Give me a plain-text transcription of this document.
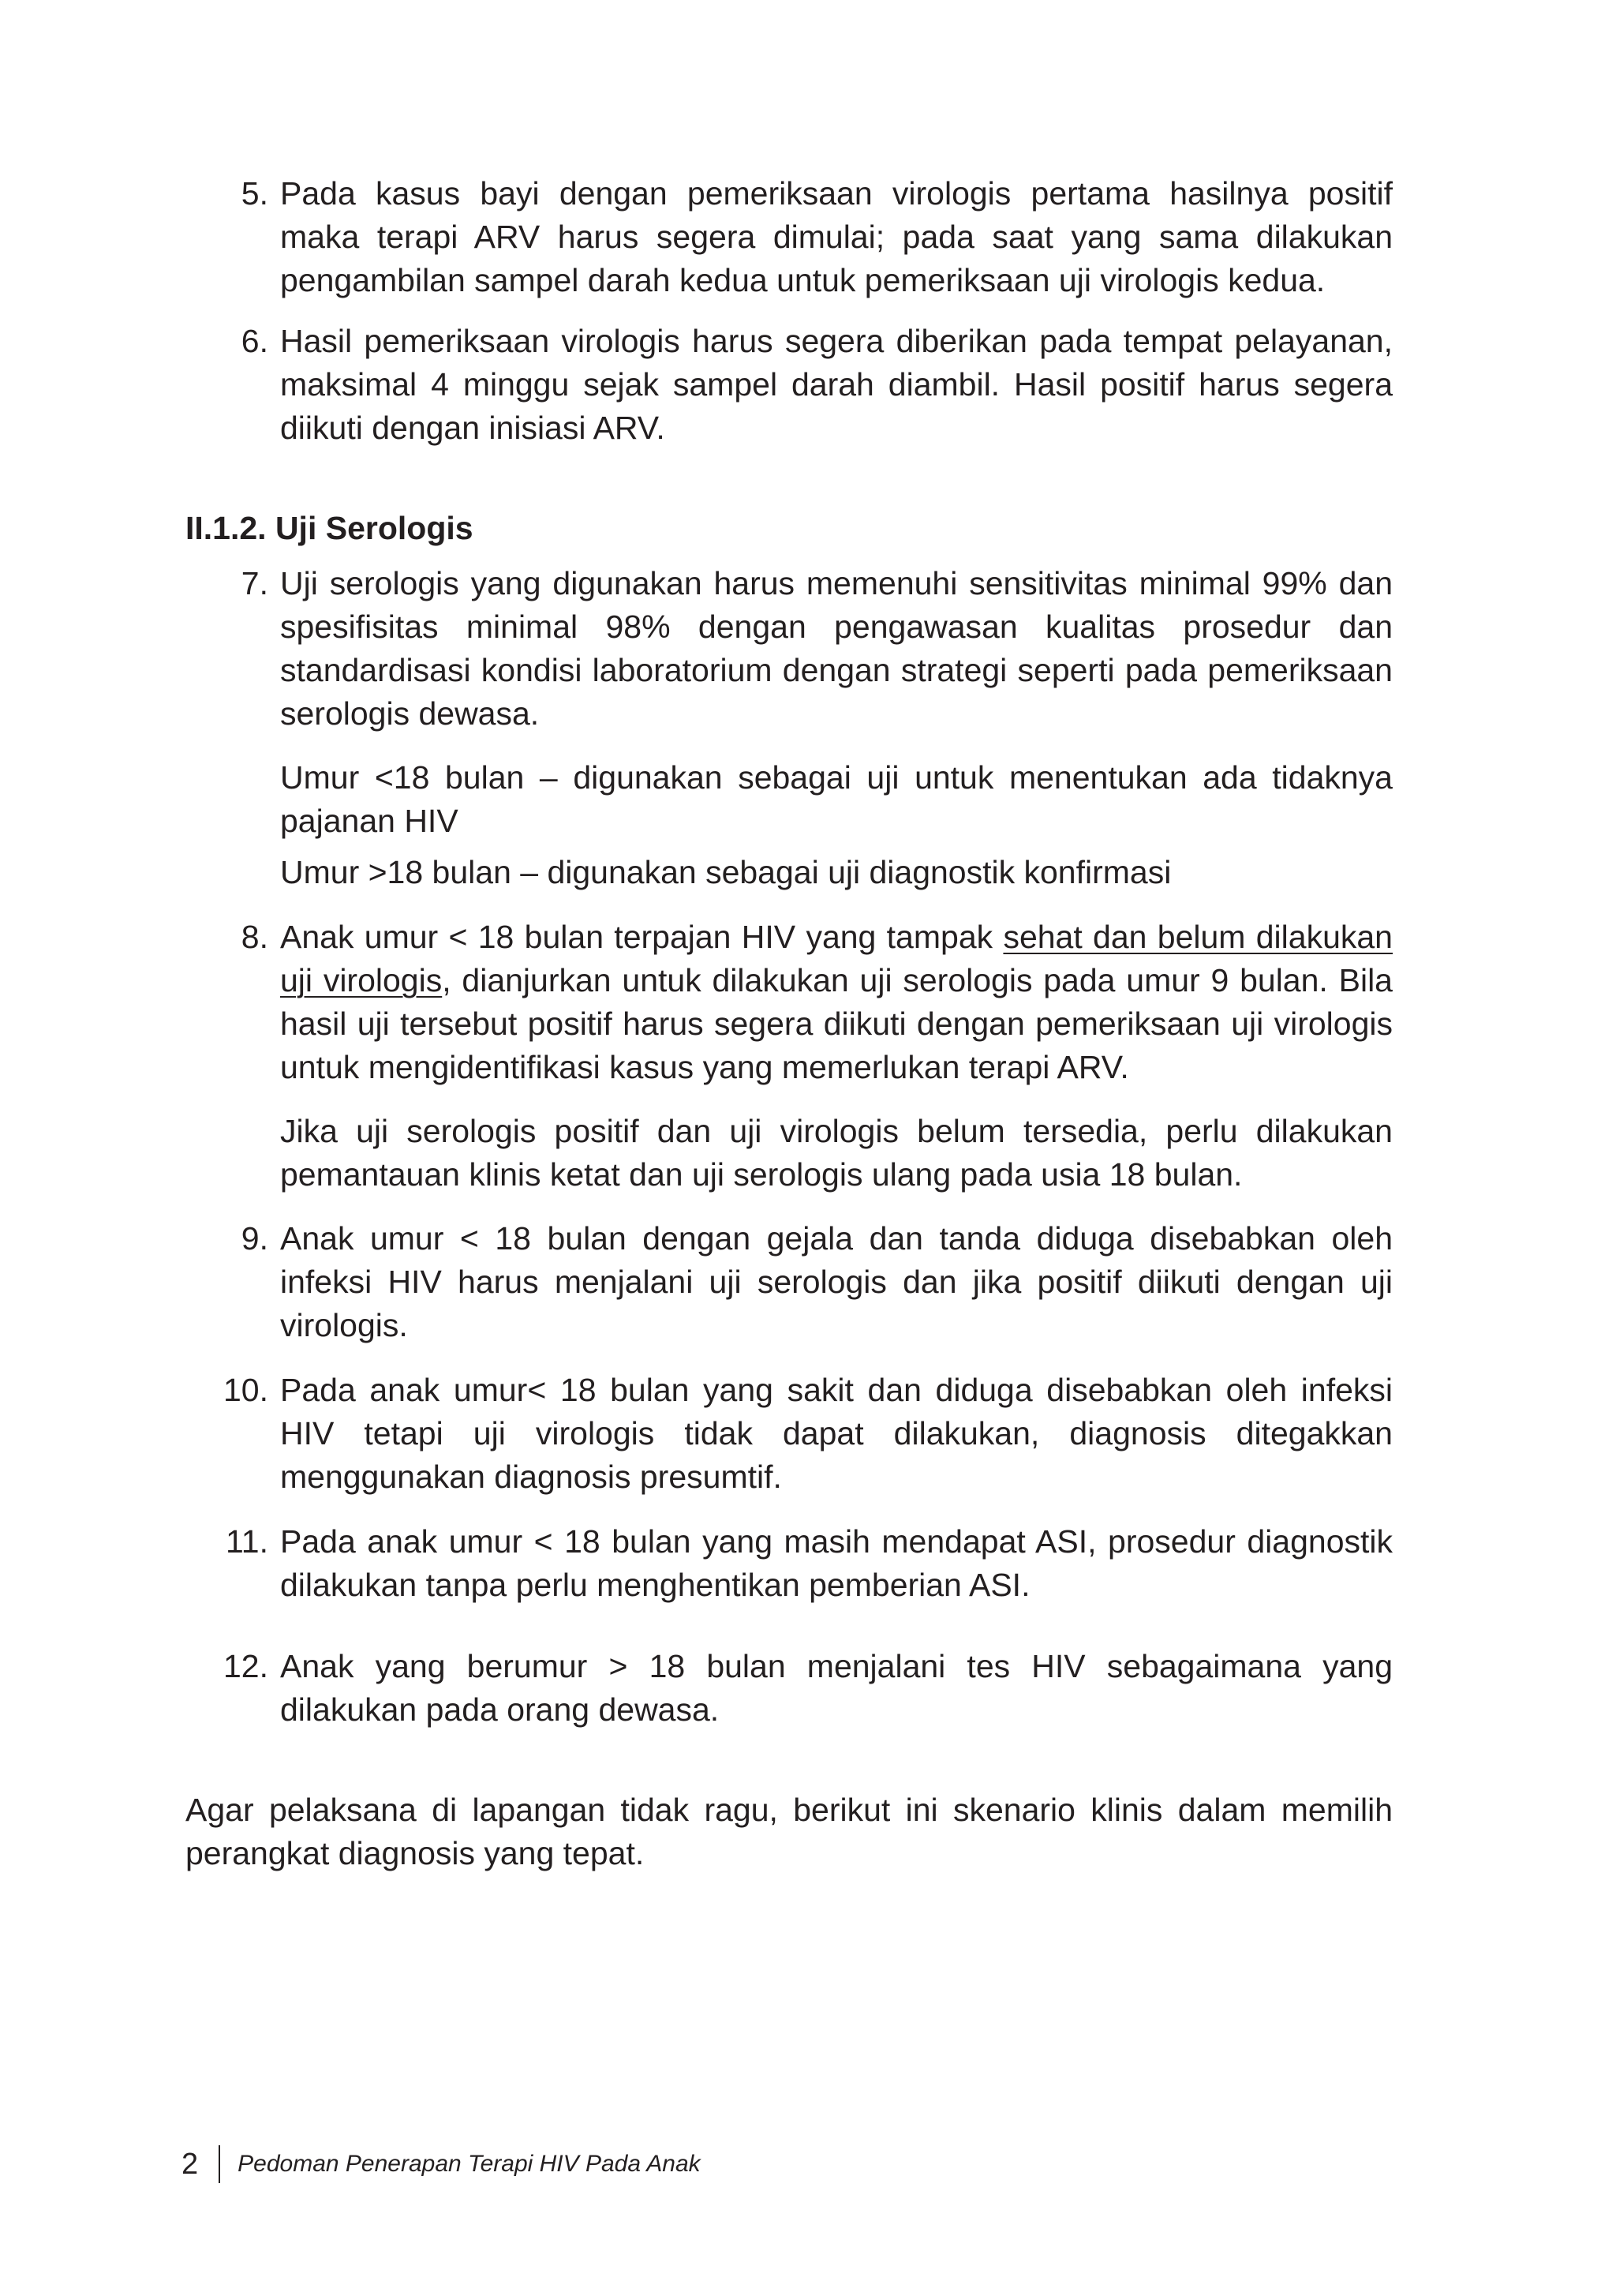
5. Pada kasus bayi dengan pemeriksaan virologis pertama hasilnya positif maka terapi ARV harus segera dimulai; pada saat yang sama dilakukan pengambilan sampel darah kedua untuk pemeriksaan uji virologis kedua.
6. Hasil pemeriksaan virologis harus segera diberikan pada tempat pelayanan, maksimal 4 minggu sejak sampel darah diambil. Hasil positif harus segera diikuti dengan inisiasi ARV.

II.1.2. Uji Serologis

7. Uji serologis yang digunakan harus memenuhi sensitivitas minimal 99% dan spesifisitas minimal 98% dengan pengawasan kualitas prosedur dan standardisasi kondisi laboratorium dengan strategi seperti pada pemeriksaan serologis dewasa.

Umur <18 bulan – digunakan sebagai uji untuk menentukan ada tidaknya pajanan HIV

Umur >18 bulan – digunakan sebagai uji diagnostik konfirmasi

8. Anak umur < 18 bulan terpajan HIV yang tampak sehat dan belum dilakukan uji virologis, dianjurkan untuk dilakukan uji serologis pada umur 9 bulan. Bila hasil uji tersebut positif harus segera diikuti dengan pemeriksaan uji virologis untuk mengidentifikasi kasus yang memerlukan terapi ARV.

Jika uji serologis positif dan uji virologis belum tersedia, perlu dilakukan pemantauan klinis ketat dan uji serologis ulang pada usia 18 bulan.

9. Anak umur < 18 bulan dengan gejala dan tanda diduga disebabkan oleh infeksi HIV harus menjalani uji serologis dan jika positif diikuti dengan uji virologis.
10. Pada anak umur< 18 bulan yang sakit dan diduga disebabkan oleh infeksi HIV tetapi uji virologis tidak dapat dilakukan, diagnosis ditegakkan menggunakan diagnosis presumtif.
11. Pada anak umur < 18 bulan yang masih mendapat ASI, prosedur diagnostik dilakukan tanpa perlu menghentikan pemberian ASI.
12. Anak yang berumur > 18 bulan menjalani tes HIV sebagaimana yang dilakukan pada orang dewasa.

Agar pelaksana di lapangan tidak ragu, berikut ini skenario klinis dalam memilih perangkat diagnosis yang tepat.

2 Pedoman Penerapan Terapi HIV Pada Anak
